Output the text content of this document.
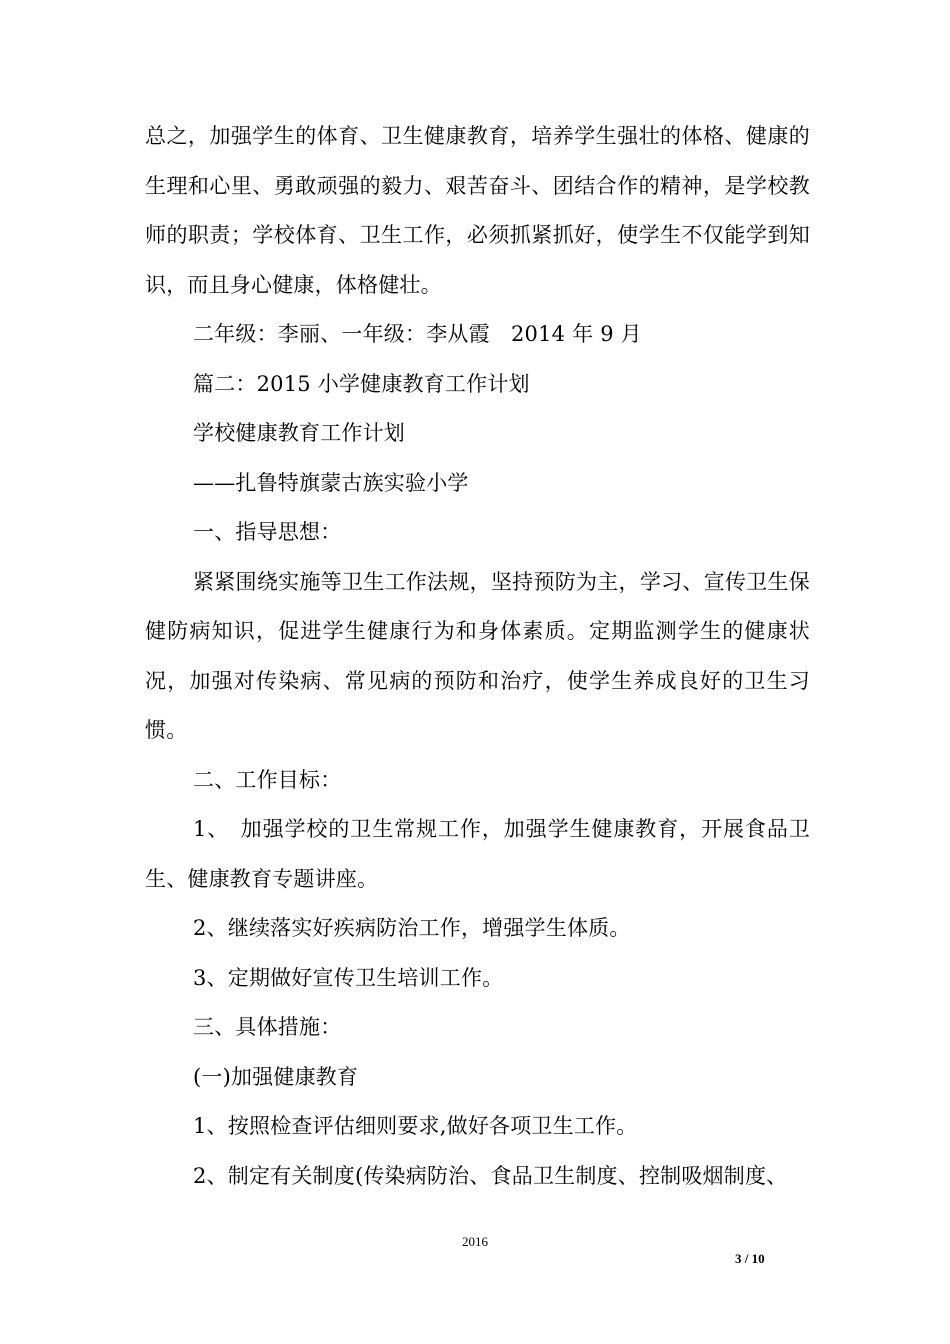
总之，加强学生的体育、卫生健康教育，培养学生强壮的体格、健康的生理和心里、勇敢顽强的毅力、艰苦奋斗、团结合作的精神，是学校教师的职责；学校体育、卫生工作，必须抓紧抓好，使学生不仅能学到知识，而且身心健康，体格健壮。

二年级：李丽、一年级：李从霞　2014 年 9 月

篇二：2015 小学健康教育工作计划

学校健康教育工作计划

——扎鲁特旗蒙古族实验小学

一、指导思想：

紧紧围绕实施等卫生工作法规，坚持预防为主，学习、宣传卫生保健防病知识，促进学生健康行为和身体素质。定期监测学生的健康状况，加强对传染病、常见病的预防和治疗，使学生养成良好的卫生习惯。

二、工作目标：

1、　加强学校的卫生常规工作，加强学生健康教育，开展食品卫生、健康教育专题讲座。

2、继续落实好疾病防治工作，增强学生体质。

3、定期做好宣传卫生培训工作。

三、具体措施：

(一)加强健康教育

1、按照检查评估细则要求,做好各项卫生工作。

2、制定有关制度(传染病防治、食品卫生制度、控制吸烟制度、

2016
3 / 10
